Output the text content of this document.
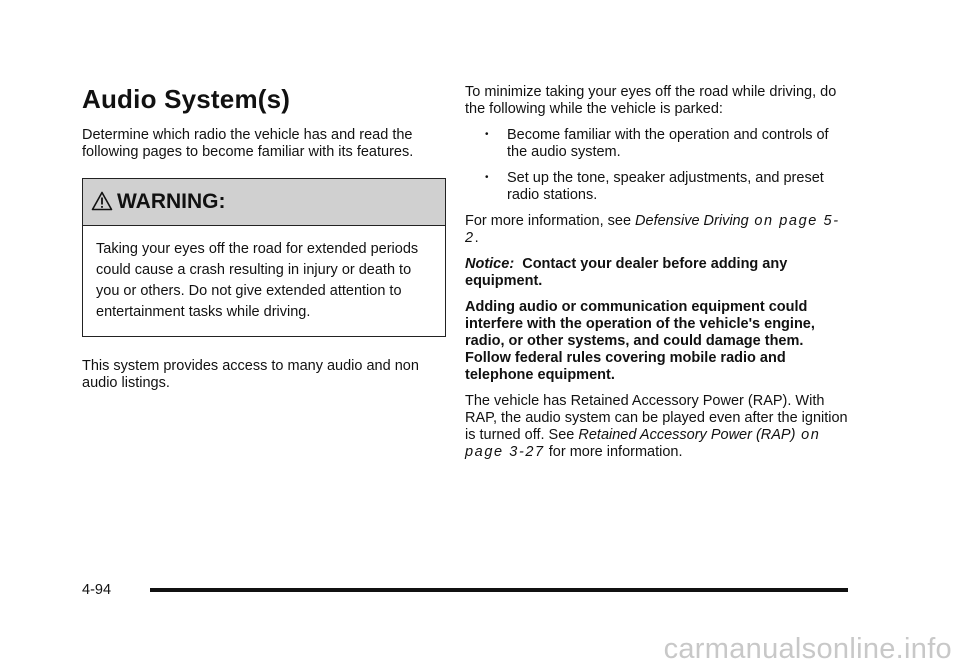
Audio System(s)

Determine which radio the vehicle has and read the following pages to become familiar with its features.

WARNING:

Taking your eyes off the road for extended periods could cause a crash resulting in injury or death to you or others. Do not give extended attention to entertainment tasks while driving.

This system provides access to many audio and non audio listings.

To minimize taking your eyes off the road while driving, do the following while the vehicle is parked:

• Become familiar with the operation and controls of the audio system.
• Set up the tone, speaker adjustments, and preset radio stations.

For more information, see Defensive Driving on page 5-2.

Notice: Contact your dealer before adding any equipment.

Adding audio or communication equipment could interfere with the operation of the vehicle's engine, radio, or other systems, and could damage them. Follow federal rules covering mobile radio and telephone equipment.

The vehicle has Retained Accessory Power (RAP). With RAP, the audio system can be played even after the ignition is turned off. See Retained Accessory Power (RAP) on page 3-27 for more information.

4-94
carmanualsonline.info
